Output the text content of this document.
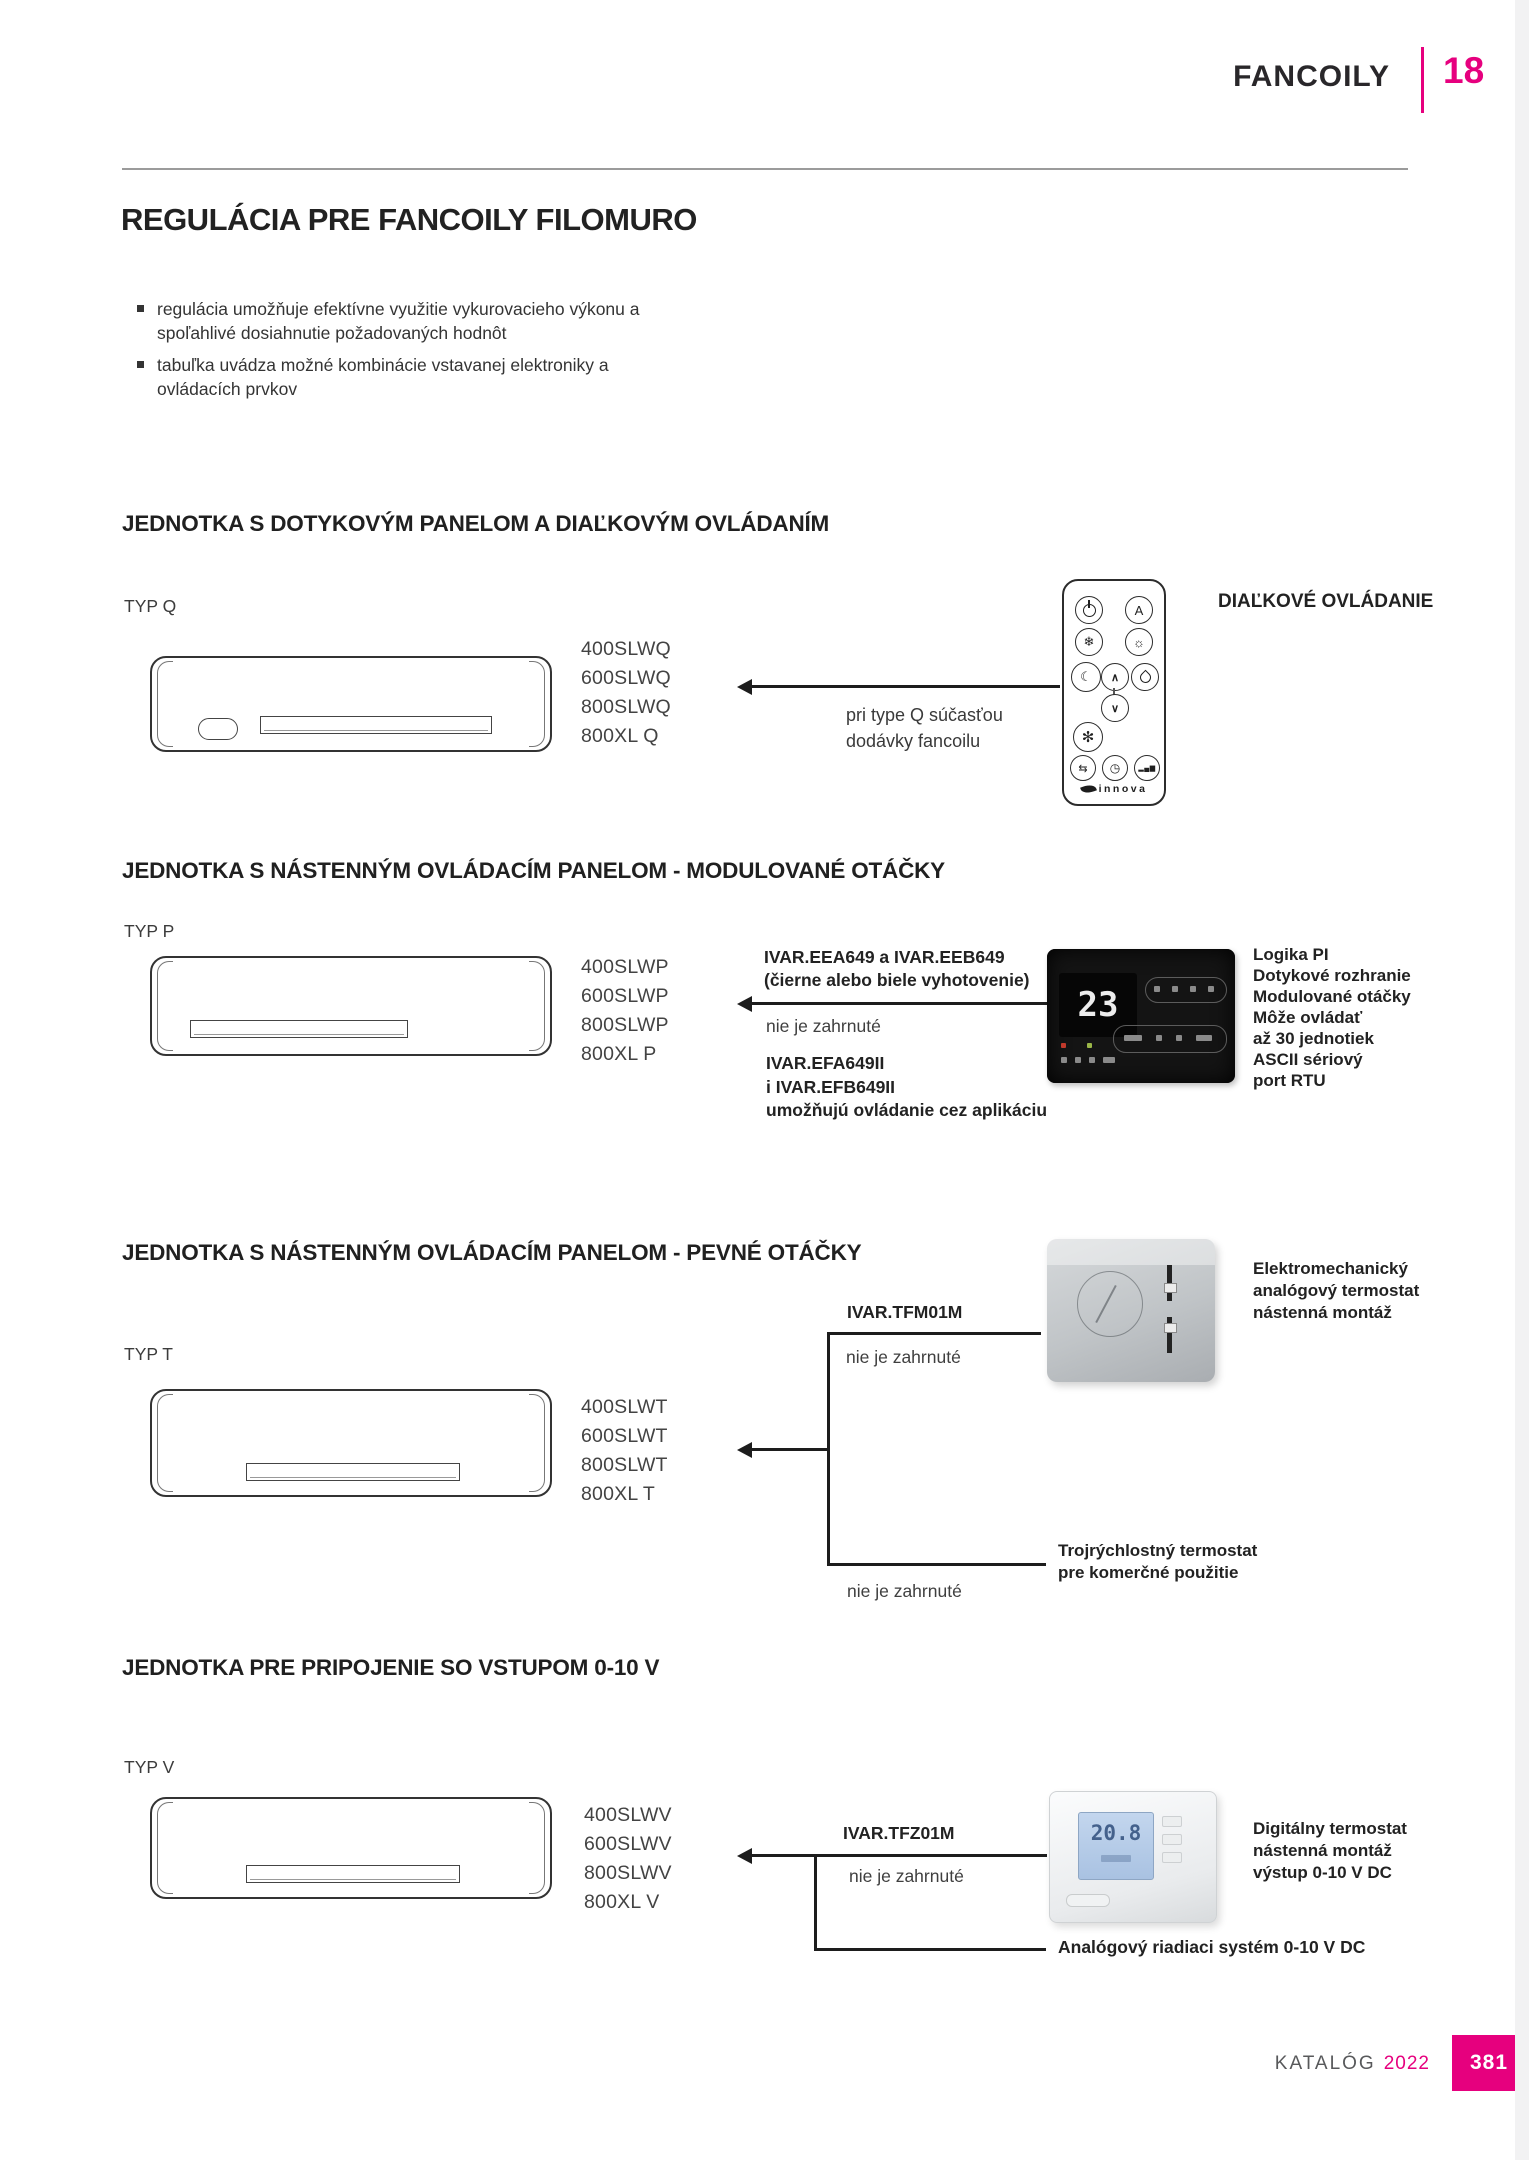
FANCOILY 18
REGULÁCIA PRE FANCOILY FILOMURO
regulácia umožňuje efektívne využitie vykurovacieho výkonu a spoľahlivé dosiahnutie požadovaných hodnôt
tabuľka uvádza možné kombinácie vstavanej elektroniky a ovládacích prvkov
JEDNOTKA S DOTYKOVÝM PANELOM A DIAĽKOVÝM OVLÁDANÍM
TYP Q
400SLWQ
600SLWQ
800SLWQ
800XL Q
pri type Q súčasťou
dodávky fancoilu
A
❄	☼
☾ ∧
∨
✻
⇆ ◷	▂▄▆
innova
DIAĽKOVÉ OVLÁDANIE
JEDNOTKA S NÁSTENNÝM OVLÁDACÍM PANELOM - MODULOVANÉ OTÁČKY
TYP P
400SLWP
600SLWP
800SLWP
800XL P
IVAR.EEA649 a IVAR.EEB649
(čierne alebo biele vyhotovenie)
nie je zahrnuté
IVAR.EFA649II
i IVAR.EFB649II
umožňujú ovládanie cez aplikáciu
23
Logika PI
Dotykové rozhranie
Modulované otáčky
Môže ovládať
až 30 jednotiek
ASCII sériový
port RTU
JEDNOTKA S NÁSTENNÝM OVLÁDACÍM PANELOM - PEVNÉ OTÁČKY
Elektromechanický
analógový termostat
nástenná montáž
IVAR.TFM01M
nie je zahrnuté
TYP T
400SLWT
600SLWT
800SLWT
800XL T
Trojrýchlostný termostat
pre komerčné použitie
nie je zahrnuté
JEDNOTKA PRE PRIPOJENIE SO VSTUPOM 0-10 V
TYP V
400SLWV
600SLWV
800SLWV
800XL V
IVAR.TFZ01M
nie je zahrnuté
Analógový riadiaci systém 0-10 V DC
20.8	Digitálny termostat
nástenná montáž
výstup 0-10 V DC
KATALÓG 2022	381
